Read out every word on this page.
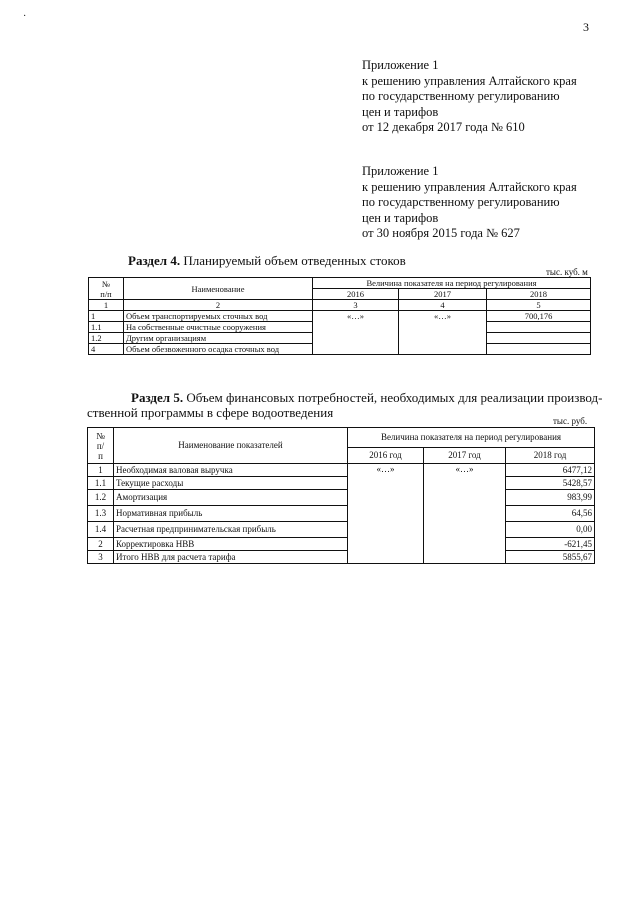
·
3
Приложение 1
к решению управления Алтайского края
по государственному регулированию
цен и тарифов
от 12 декабря 2017 года № 610
Приложение 1
к решению управления Алтайского края
по государственному регулированию
цен и тарифов
от 30 ноября 2015 года № 627
Раздел 4. Планируемый объем отведенных стоков
тыс. куб. м
№
п/п	Наименование	Величина показателя на период регулирования		
		2016	2017	2018
1	2	3	4	5
1	Объем транспортируемых сточных вод	«…»	«…»	700,176
1.1	На собственные очистные сооружения			
1.2	Другим организациям			
4	Объем обезвоженного осадка сточных вод			
Раздел 5. Объем финансовых потребностей, необходимых для реализации производ-
ственной программы в сфере водоотведения
тыс. руб.
№
п/
п	Наименование показателей	Величина показателя на период регулирования		
		2016 год	2017 год	2018 год
1	Необходимая валовая выручка	«…»	«…»	6477,12
1.1	Текущие расходы			5428,57
1.2	Амортизация			983,99
1.3	Нормативная прибыль			64,56
1.4	Расчетная предпринимательская прибыль			0,00
2	Корректировка НВВ			-621,45
3	Итого НВВ для расчета тарифа			5855,67
